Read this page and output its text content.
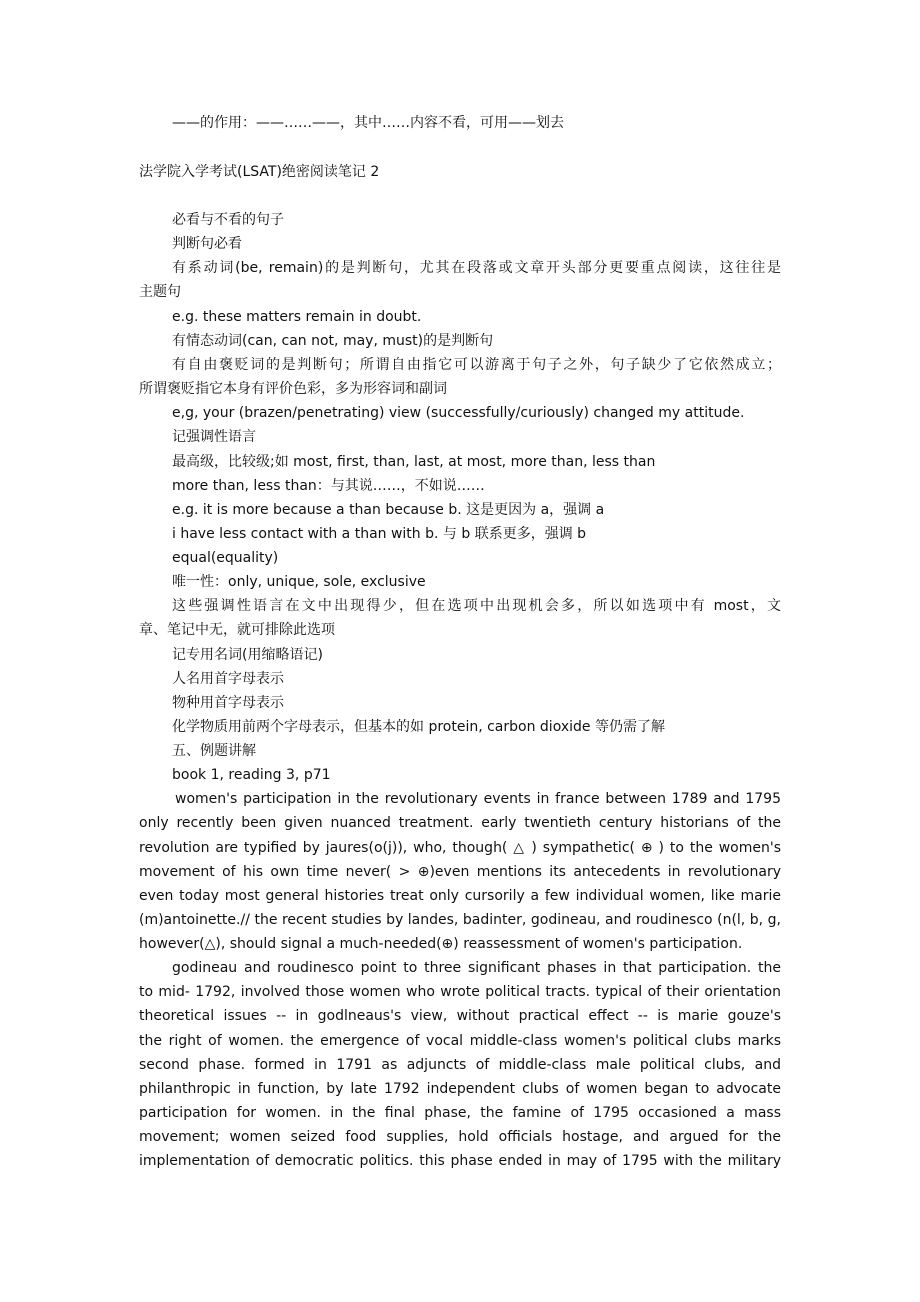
——的作用：——……——，其中……内容不看，可用——划去
法学院入学考试(LSAT)绝密阅读笔记 2
必看与不看的句子
判断句必看
有系动词(be, remain)的是判断句，尤其在段落或文章开头部分更要重点阅读，这往往是
主题句
e.g. these matters remain in doubt.
有情态动词(can, can not, may, must)的是判断句
有自由褒贬词的是判断句；所谓自由指它可以游离于句子之外，句子缺少了它依然成立；
所谓褒贬指它本身有评价色彩，多为形容词和副词
e,g, your (brazen/penetrating) view (successfully/curiously) changed my attitude.
记强调性语言
最高级，比较级;如 most, first, than, last, at most, more than, less than
more than, less than：与其说……，不如说……
e.g. it is more because a than because b. 这是更因为 a，强调 a
i have less contact with a than with b. 与 b 联系更多，强调 b
equal(equality)
唯一性：only, unique, sole, exclusive
这些强调性语言在文中出现得少，但在选项中出现机会多，所以如选项中有 most，文
章、笔记中无，就可排除此选项
记专用名词(用缩略语记)
人名用首字母表示
物种用首字母表示
化学物质用前两个字母表示，但基本的如 protein, carbon dioxide 等仍需了解
五、例题讲解
book 1, reading 3, p71
women's participation in the revolutionary events in france between 1789 and 1795
only recently been given nuanced treatment. early twentieth century historians of the
revolution are typified by jaures(o(j)), who, though( △ ) sympathetic( ⊕ ) to the women's
movement of his own time never( > ⊕)even mentions its antecedents in revolutionary
even today most general histories treat only cursorily a few individual women, like marie
(m)antoinette.// the recent studies by landes, badinter, godineau, and roudinesco (n(l, b, g,
however(△), should signal a much-needed(⊕) reassessment of women's participation.
godineau and roudinesco point to three significant phases in that participation. the
to mid- 1792, involved those women who wrote political tracts. typical of their orientation
theoretical issues -- in godlneaus's view, without practical effect -- is marie gouze's
the right of women. the emergence of vocal middle-class women's political clubs marks
second phase. formed in 1791 as adjuncts of middle-class male political clubs, and
philanthropic in function, by late 1792 independent clubs of women began to advocate
participation for women. in the final phase, the famine of 1795 occasioned a mass
movement; women seized food supplies, hold officials hostage, and argued for the
implementation of democratic politics. this phase ended in may of 1795 with the military
